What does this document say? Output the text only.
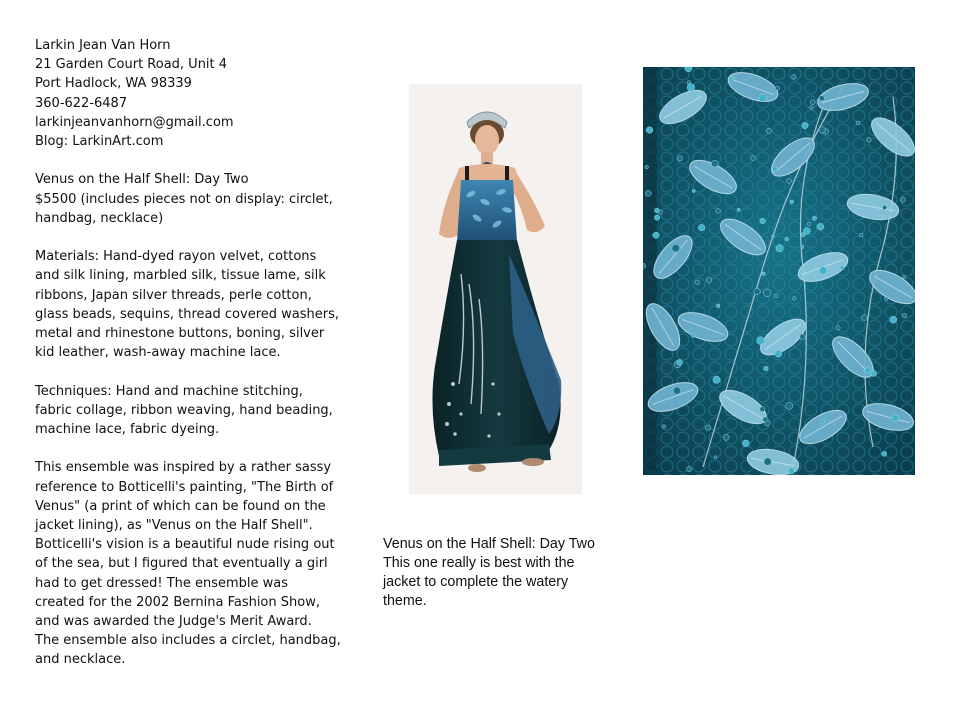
Larkin Jean Van Horn
21 Garden Court Road, Unit 4
Port Hadlock, WA 98339
360-622-6487
larkinjeanvanhorn@gmail.com
Blog: LarkinArt.com

Venus on the Half Shell: Day Two
$5500 (includes pieces not on display: circlet,
handbag, necklace)

Materials: Hand-dyed rayon velvet, cottons
and silk lining, marbled silk, tissue lame, silk
ribbons, Japan silver threads, perle cotton,
glass beads, sequins, thread covered washers,
metal and rhinestone buttons, boning, silver
kid leather, wash-away machine lace.

Techniques: Hand and machine stitching,
fabric collage, ribbon weaving, hand beading,
machine lace, fabric dyeing.

This ensemble was inspired by a rather sassy
reference to Botticelli's painting, "The Birth of
Venus" (a print of which can be found on the
jacket lining), as "Venus on the Half Shell".
Botticelli's vision is a beautiful nude rising out
of the sea, but I figured that eventually a girl
had to get dressed! The ensemble was
created for the 2002 Bernina Fashion Show,
and was awarded the Judge's Merit Award.
The ensemble also includes a circlet, handbag,
and necklace.

Venus on the Half Shell: Day Two
This one really is best with the
jacket to complete the watery
theme.
